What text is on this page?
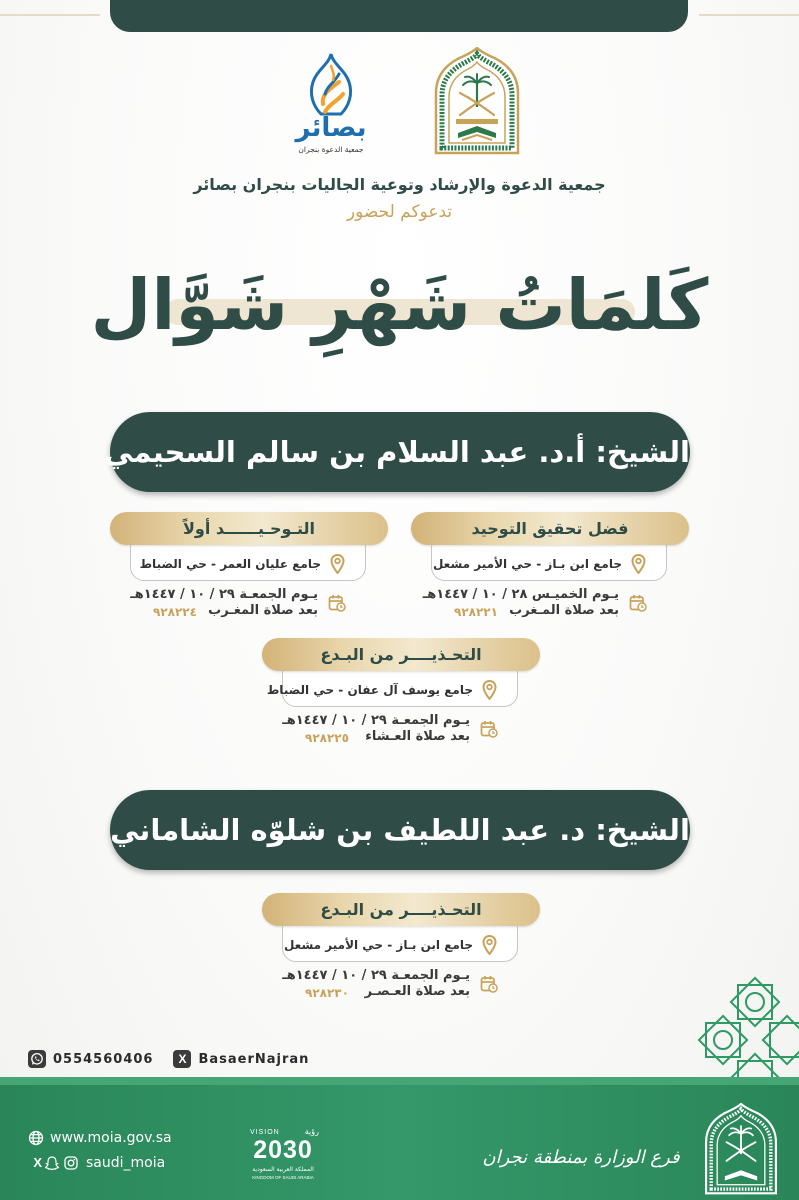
بصائر
جمعية الدعوة بنجران
جمعية الدعوة والإرشاد وتوعية الجاليات بنجران بصائر
تدعوكم لحضور
كَلمَاتُ شَهْرِ شَوَّال
الشيخ: أ.د. عبد السلام بن سالم السحيمي
فضل تحقيق التوحيد
جامع ابن بـاز - حي الأمير مشعل
يـوم الخميـس ٢٨ / ١٠ / ١٤٤٧هـ
بعد صلاة المـغرب
٩٢٨٢٢١
التـوحـيــــــد أولاً
جامع عليان العمر - حي الضباط
يـوم الجمعـة ٢٩ / ١٠ / ١٤٤٧هـ
بعد صلاة المغـرب
٩٢٨٢٢٤
التحـذيــــر من البـدع
جامع يوسف آل عفان - حي الضباط
يـوم الجمعـة ٢٩ / ١٠ / ١٤٤٧هـ
بعد صلاة العـشاء
٩٢٨٢٢٥
الشيخ: د. عبد اللطيف بن شلوّه الشاماني
التحـذيــــر من البـدع
جامع ابن بـاز - حي الأمير مشعل
يـوم الجمعـة ٢٩ / ١٠ / ١٤٤٧هـ
بعد صلاة العـصـر
٩٢٨٢٣٠
0554560406	X BasaerNajran
www.moia.gov.sa
X	saudi_moia
VISION	رؤية
2030
المملكة العربية السعودية
KINGDOM OF SAUDI ARABIA
فرع الوزارة بمنطقة نجران
